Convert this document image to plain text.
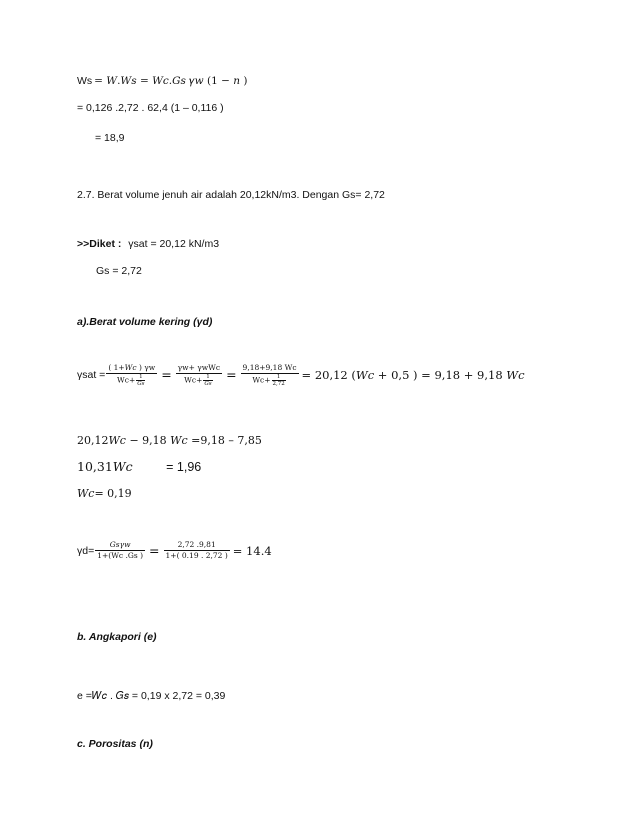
Ws = 𝑊.𝑊𝑠 = 𝑊𝑐.𝐺𝑠 𝛾𝑤 (1 − 𝑛 )
= 0,126 .2,72 . 62,4 (1 – 0,116 )
= 18,9
2.7. Berat volume jenuh air adalah 20,12kN/m3. Dengan Gs= 2,72
>>Diket : γsat = 20,12 kN/m3
Gs = 2,72
a).Berat volume kering (γd)
$\gamma sat = \frac{\text{( 1+𝑊𝑐 ) γw}}{Wc+ \frac{1}{\text{𝐺𝑠}}} = \frac{\text{γw+ γwWc}}{Wc+ \frac{1}{\text{𝐺𝑠}}} = \frac{9,18+9,18 Wc}{Wc+ \frac{1}{2,72}} = 20,12$ (𝑊𝑐 + 0,5 ) = 9,18 + 9,18 𝑊𝑐
20,12𝑊𝑐 − 9,18 𝑊𝑐 =9,18 – 7,85
10,31𝑊𝑐	= 1,96
𝑊𝑐= 0,19
$\gamma d= \frac{\text{𝐺𝑠𝛾𝑤}}{1+(Wc .Gs )} = \frac{2,72 .9,81}{1+( 0.19 . 2,72 )} = 14.4$
b. Angkapori (e)
e =𝑊𝑐 . 𝐺𝑠 = 0,19 x 2,72 = 0,39
c. Porositas (n)
